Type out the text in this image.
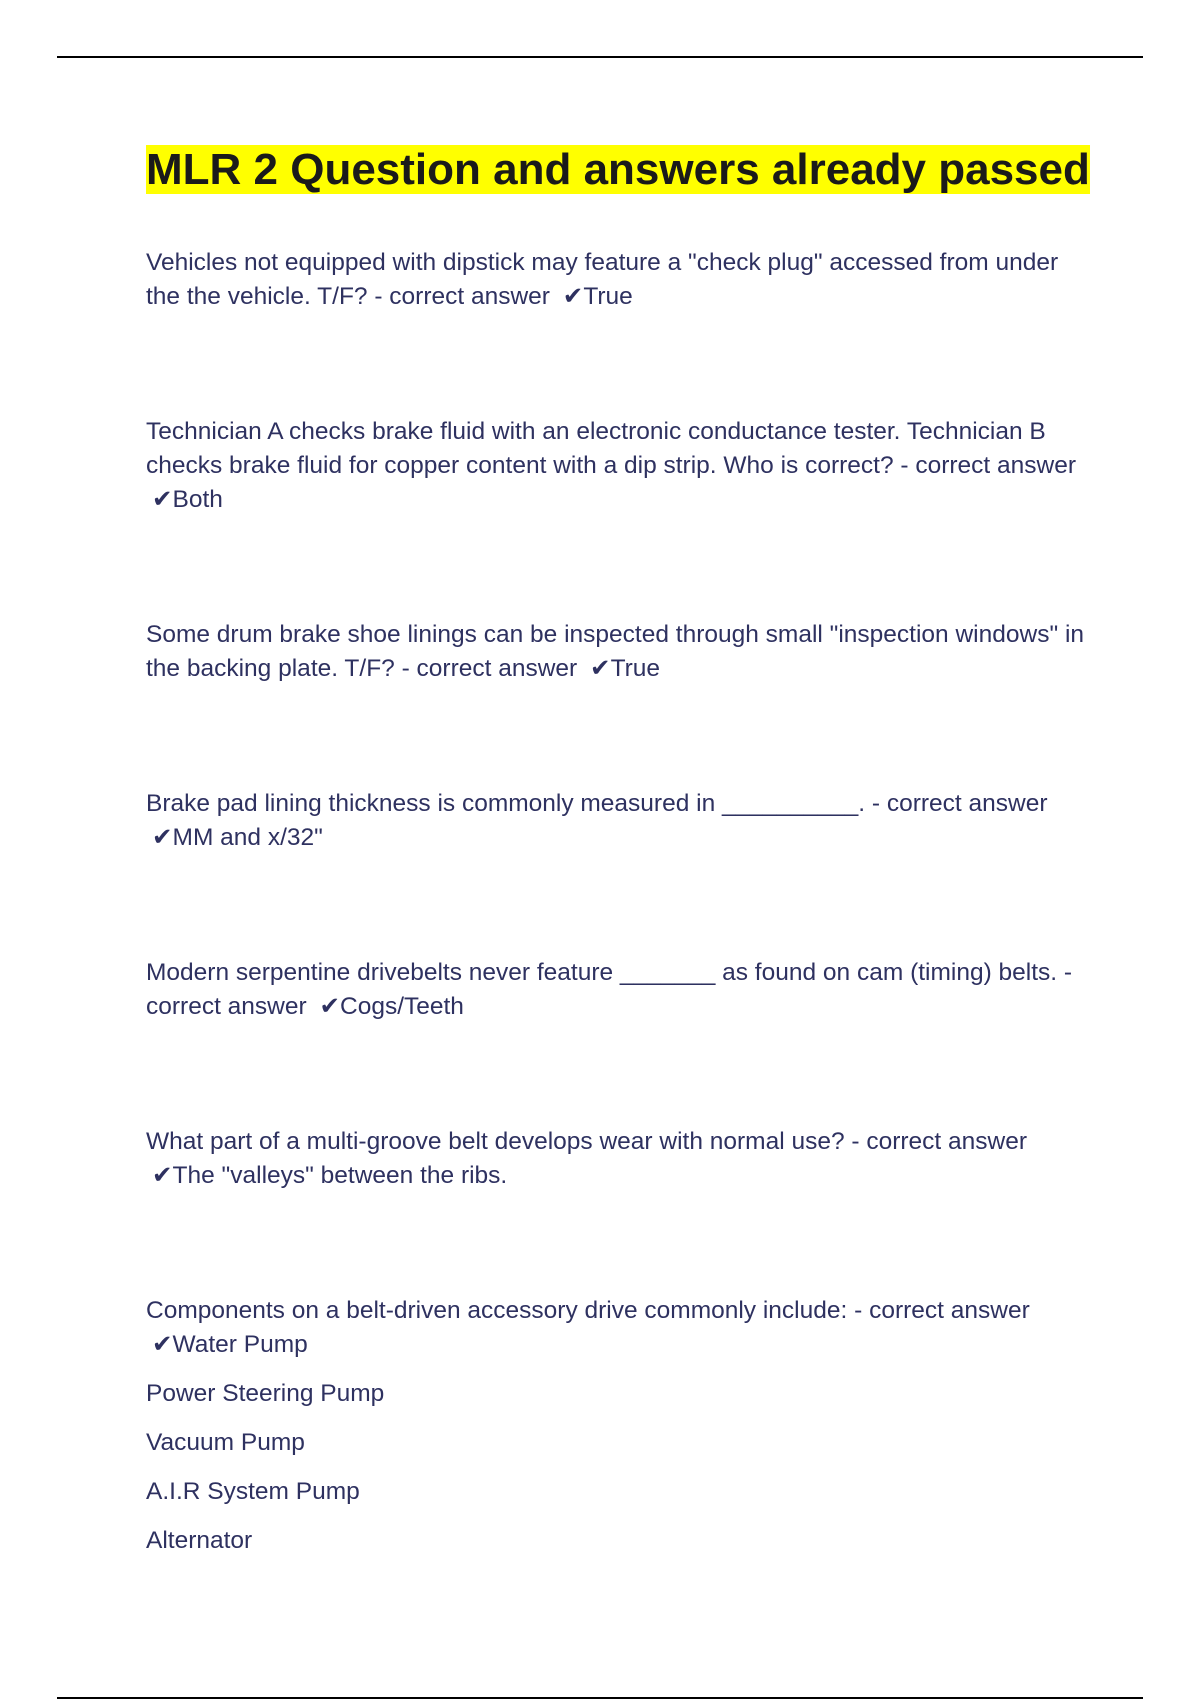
MLR 2 Question and answers already passed

Vehicles not equipped with dipstick may feature a "check plug" accessed from under the the vehicle. T/F? - correct answer ✔True

Technician A checks brake fluid with an electronic conductance tester. Technician B checks brake fluid for copper content with a dip strip. Who is correct? - correct answer ✔Both

Some drum brake shoe linings can be inspected through small "inspection windows" in the backing plate. T/F? - correct answer ✔True

Brake pad lining thickness is commonly measured in __________. - correct answer ✔MM and x/32"

Modern serpentine drivebelts never feature _______ as found on cam (timing) belts. - correct answer ✔Cogs/Teeth

What part of a multi-groove belt develops wear with normal use? - correct answer ✔The "valleys" between the ribs.

Components on a belt-driven accessory drive commonly include: - correct answer ✔Water Pump

Power Steering Pump

Vacuum Pump

A.I.R System Pump

Alternator
